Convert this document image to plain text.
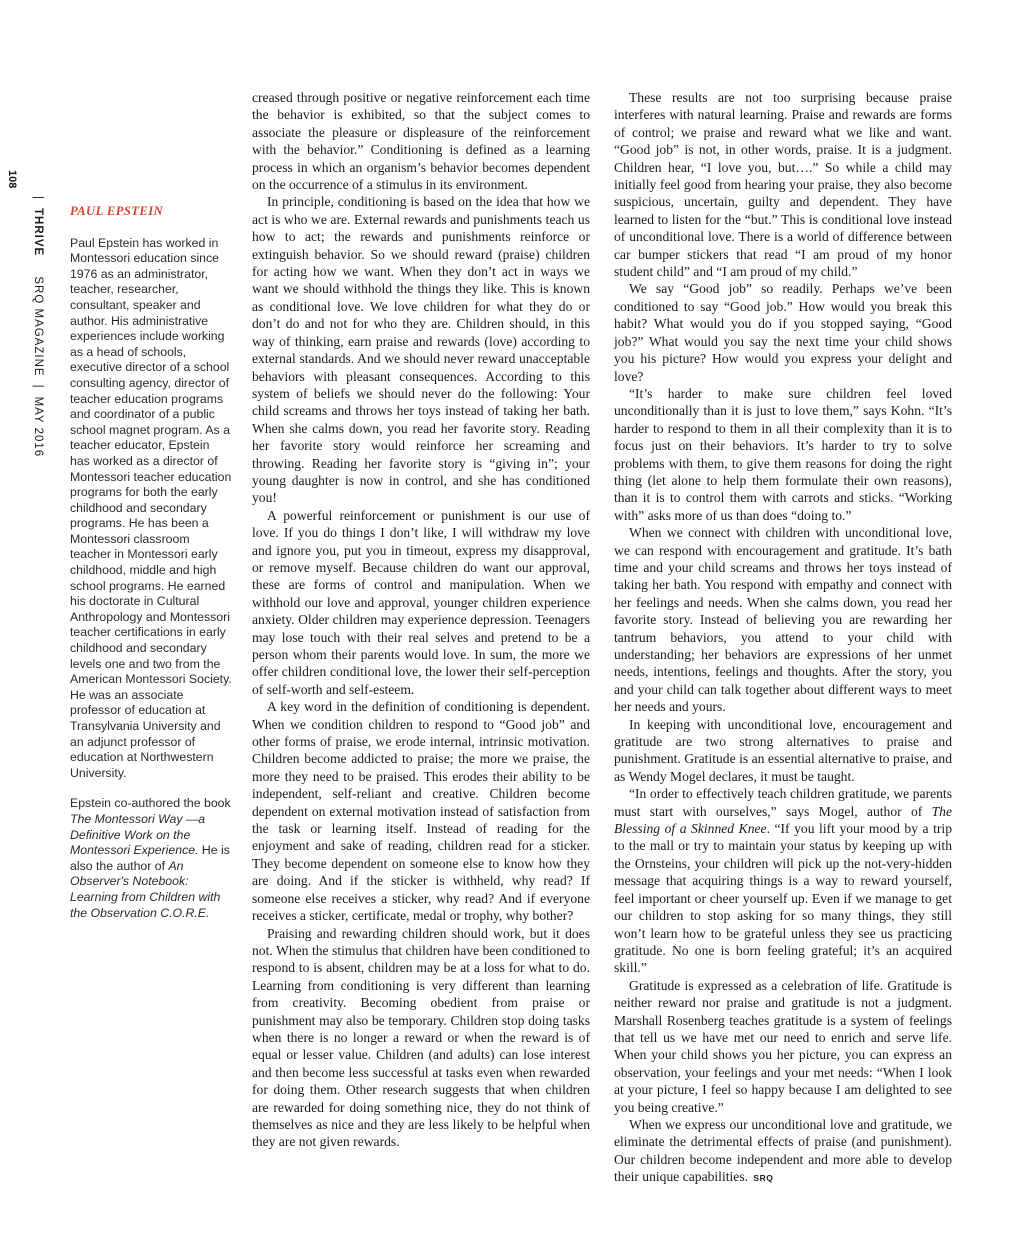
108
|THRIVE SRQ MAGAZINE|MAY 2016
PAUL EPSTEIN

Paul Epstein has worked in Montessori education since 1976 as an administrator, teacher, researcher, consultant, speaker and author. His administrative experiences include working as a head of schools, executive director of a school consulting agency, director of teacher education programs and coordinator of a public school magnet program. As a teacher educator, Epstein has worked as a director of Montessori teacher education programs for both the early childhood and secondary programs. He has been a Montessori classroom teacher in Montessori early childhood, middle and high school programs. He earned his doctorate in Cultural Anthropology and Montessori teacher certifications in early childhood and secondary levels one and two from the American Montessori Society. He was an associate professor of education at Transylvania University and an adjunct professor of education at Northwestern University.

Epstein co-authored the book The Montessori Way —a Definitive Work on the Montessori Experience. He is also the author of An Observer's Notebook: Learning from Children with the Observation C.O.R.E.

creased through positive or negative reinforcement each time the behavior is exhibited, so that the subject comes to associate the pleasure or displeasure of the reinforcement with the behavior.” Conditioning is defined as a learning process in which an organism’s behavior becomes dependent on the occurrence of a stimulus in its environment.

In principle, conditioning is based on the idea that how we act is who we are. External rewards and punishments teach us how to act; the rewards and punishments reinforce or extinguish behavior. So we should reward (praise) children for acting how we want. When they don’t act in ways we want we should withhold the things they like. This is known as conditional love. We love children for what they do or don’t do and not for who they are. Children should, in this way of thinking, earn praise and rewards (love) according to external standards. And we should never reward unacceptable behaviors with pleasant consequences. According to this system of beliefs we should never do the following: Your child screams and throws her toys instead of taking her bath. When she calms down, you read her favorite story. Reading her favorite story would reinforce her screaming and throwing. Reading her favorite story is “giving in”; your young daughter is now in control, and she has conditioned you!

A powerful reinforcement or punishment is our use of love. If you do things I don’t like, I will withdraw my love and ignore you, put you in timeout, express my disapproval, or remove myself. Because children do want our approval, these are forms of control and manipulation. When we withhold our love and approval, younger children experience anxiety. Older children may experience depression. Teenagers may lose touch with their real selves and pretend to be a person whom their parents would love. In sum, the more we offer children conditional love, the lower their self-perception of self-worth and self-esteem.

A key word in the definition of conditioning is dependent. When we condition children to respond to “Good job” and other forms of praise, we erode internal, intrinsic motivation. Children become addicted to praise; the more we praise, the more they need to be praised. This erodes their ability to be independent, self-reliant and creative. Children become dependent on external motivation instead of satisfaction from the task or learning itself. Instead of reading for the enjoyment and sake of reading, children read for a sticker. They become dependent on someone else to know how they are doing. And if the sticker is withheld, why read? If someone else receives a sticker, why read? And if everyone receives a sticker, certificate, medal or trophy, why bother?

Praising and rewarding children should work, but it does not. When the stimulus that children have been conditioned to respond to is absent, children may be at a loss for what to do. Learning from conditioning is very different than learning from creativity. Becoming obedient from praise or punishment may also be temporary. Children stop doing tasks when there is no longer a reward or when the reward is of equal or lesser value. Children (and adults) can lose interest and then become less successful at tasks even when rewarded for doing them. Other research suggests that when children are rewarded for doing something nice, they do not think of themselves as nice and they are less likely to be helpful when they are not given rewards.

These results are not too surprising because praise interferes with natural learning. Praise and rewards are forms of control; we praise and reward what we like and want. “Good job” is not, in other words, praise. It is a judgment. Children hear, “I love you, but….” So while a child may initially feel good from hearing your praise, they also become suspicious, uncertain, guilty and dependent. They have learned to listen for the “but.” This is conditional love instead of unconditional love. There is a world of difference between car bumper stickers that read “I am proud of my honor student child” and “I am proud of my child.”

We say “Good job” so readily. Perhaps we’ve been conditioned to say “Good job.” How would you break this habit? What would you do if you stopped saying, “Good job?” What would you say the next time your child shows you his picture? How would you express your delight and love?

“It’s harder to make sure children feel loved unconditionally than it is just to love them,” says Kohn. “It’s harder to respond to them in all their complexity than it is to focus just on their behaviors. It’s harder to try to solve problems with them, to give them reasons for doing the right thing (let alone to help them formulate their own reasons), than it is to control them with carrots and sticks. “Working with” asks more of us than does “doing to.”

When we connect with children with unconditional love, we can respond with encouragement and gratitude. It’s bath time and your child screams and throws her toys instead of taking her bath. You respond with empathy and connect with her feelings and needs. When she calms down, you read her favorite story. Instead of believing you are rewarding her tantrum behaviors, you attend to your child with understanding; her behaviors are expressions of her unmet needs, intentions, feelings and thoughts. After the story, you and your child can talk together about different ways to meet her needs and yours.

In keeping with unconditional love, encouragement and gratitude are two strong alternatives to praise and punishment. Gratitude is an essential alternative to praise, and as Wendy Mogel declares, it must be taught.

“In order to effectively teach children gratitude, we parents must start with ourselves,” says Mogel, author of The Blessing of a Skinned Knee. “If you lift your mood by a trip to the mall or try to maintain your status by keeping up with the Ornsteins, your children will pick up the not-very-hidden message that acquiring things is a way to reward yourself, feel important or cheer yourself up. Even if we manage to get our children to stop asking for so many things, they still won’t learn how to be grateful unless they see us practicing gratitude. No one is born feeling grateful; it’s an acquired skill.”

Gratitude is expressed as a celebration of life. Gratitude is neither reward nor praise and gratitude is not a judgment. Marshall Rosenberg teaches gratitude is a system of feelings that tell us we have met our need to enrich and serve life. When your child shows you her picture, you can express an observation, your feelings and your met needs: “When I look at your picture, I feel so happy because I am delighted to see you being creative.”

When we express our unconditional love and gratitude, we eliminate the detrimental effects of praise (and punishment). Our children become independent and more able to develop their unique capabilities. SRQ
